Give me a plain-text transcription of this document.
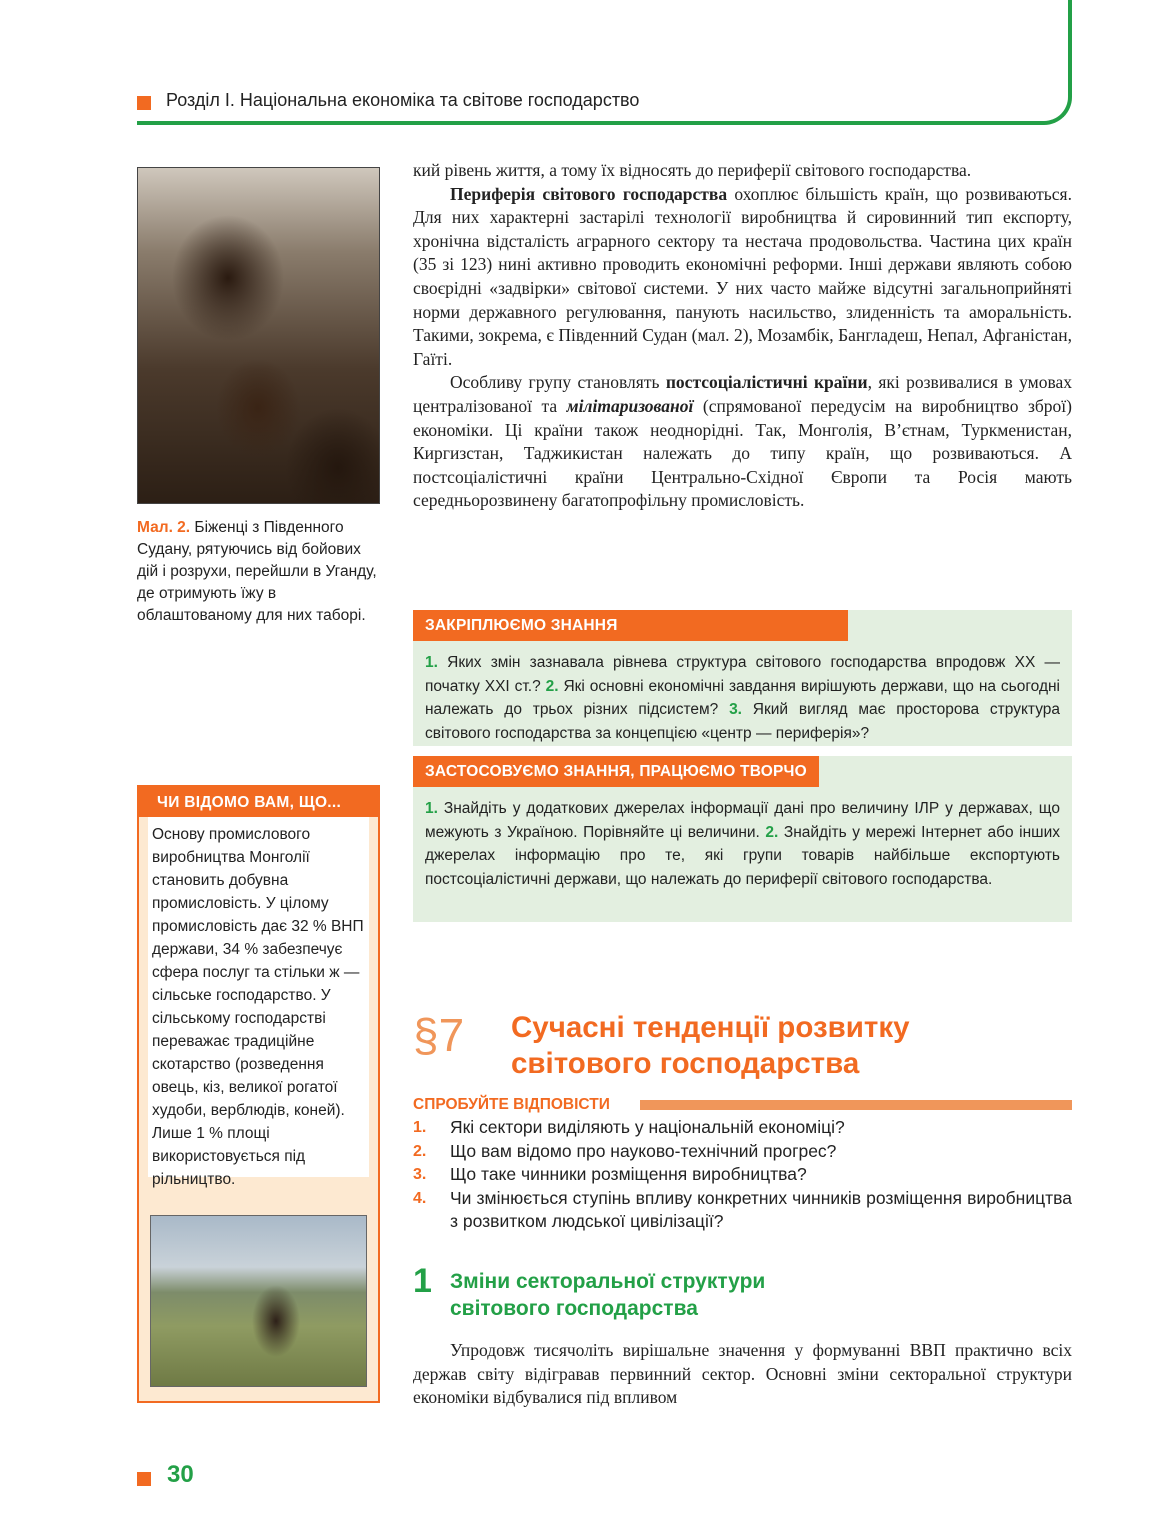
Розділ І. Національна економіка та світове господарство
Мал. 2. Біженці з Південного Судану, рятуючись від бойових дій і розрухи, перейшли в Уганду, де отримують їжу в облаштованому для них таборі.
ЧИ ВІДОМО ВАМ, ЩО...
Основу промислового виробництва Монголії становить добувна промисловість. У цілому промисловість дає 32 % ВНП держави, 34 % забезпечує сфера послуг та стільки ж — сільське господарство. У сільському господарстві переважає традиційне скотарство (розведення овець, кіз, великої рогатої худоби, верблюдів, коней). Лише 1 % площі використовується під рільництво.

кий рівень життя, а тому їх відносять до периферії світового господарства.

Периферія світового господарства охоплює більшість країн, що розвиваються. Для них характерні застарілі технології виробництва й сировинний тип експорту, хронічна відсталість аграрного сектору та нестача продовольства. Частина цих країн (35 зі 123) нині активно проводить економічні реформи. Інші держави являють собою своєрідні «задвірки» світової системи. У них часто майже відсутні загальноприйняті норми державного регулювання, панують насильство, злиденність та аморальність. Такими, зокрема, є Південний Судан (мал. 2), Мозамбік, Бангладеш, Непал, Афганістан, Гаїті.

Особливу групу становлять постсоціалістичні країни, які розвивалися в умовах централізованої та мілітаризованої (спрямованої передусім на виробництво зброї) економіки. Ці країни також неоднорідні. Так, Монголія, В’єтнам, Туркменистан, Киргизстан, Таджикистан належать до типу країн, що розвиваються. А постсоціалістичні країни Центрально-Східної Європи та Росія мають середньорозвинену багатопрофільну промисловість.

ЗАКРІПЛЮЄМО ЗНАННЯ
1. Яких змін зазнавала рівнева структура світового господарства впродовж XX — початку XXI ст.? 2. Які основні економічні завдання вирішують держави, що на сьогодні належать до трьох різних підсистем? 3. Який вигляд має просторова структура світового господарства за концепцією «центр — периферія»?
ЗАСТОСОВУЄМО ЗНАННЯ, ПРАЦЮЄМО ТВОРЧО
1. Знайдіть у додаткових джерелах інформації дані про величину ІЛР у державах, що межують з Україною. Порівняйте ці величини. 2. Знайдіть у мережі Інтернет або інших джерелах інформацію про те, які групи товарів найбільше експортують постсоціалістичні держави, що належать до периферії світового господарства.
§7 Сучасні тенденції розвитку
світового господарства
СПРОБУЙТЕ ВІДПОВІСТИ
1.	Які сектори виділяють у національній економіці?
2.	Що вам відомо про науково-технічний прогрес?
3.	Що таке чинники розміщення виробництва?
4.	Чи змінюється ступінь впливу конкретних чинників розміщення виробництва з розвитком людської цивілізації?
1 Зміни секторальної структури
світового господарства

Упродовж тисячоліть вирішальне значення у формуванні ВВП практично всіх держав світу відігравав первинний сектор. Основні зміни секторальної структури економіки відбувалися під впливом

30
